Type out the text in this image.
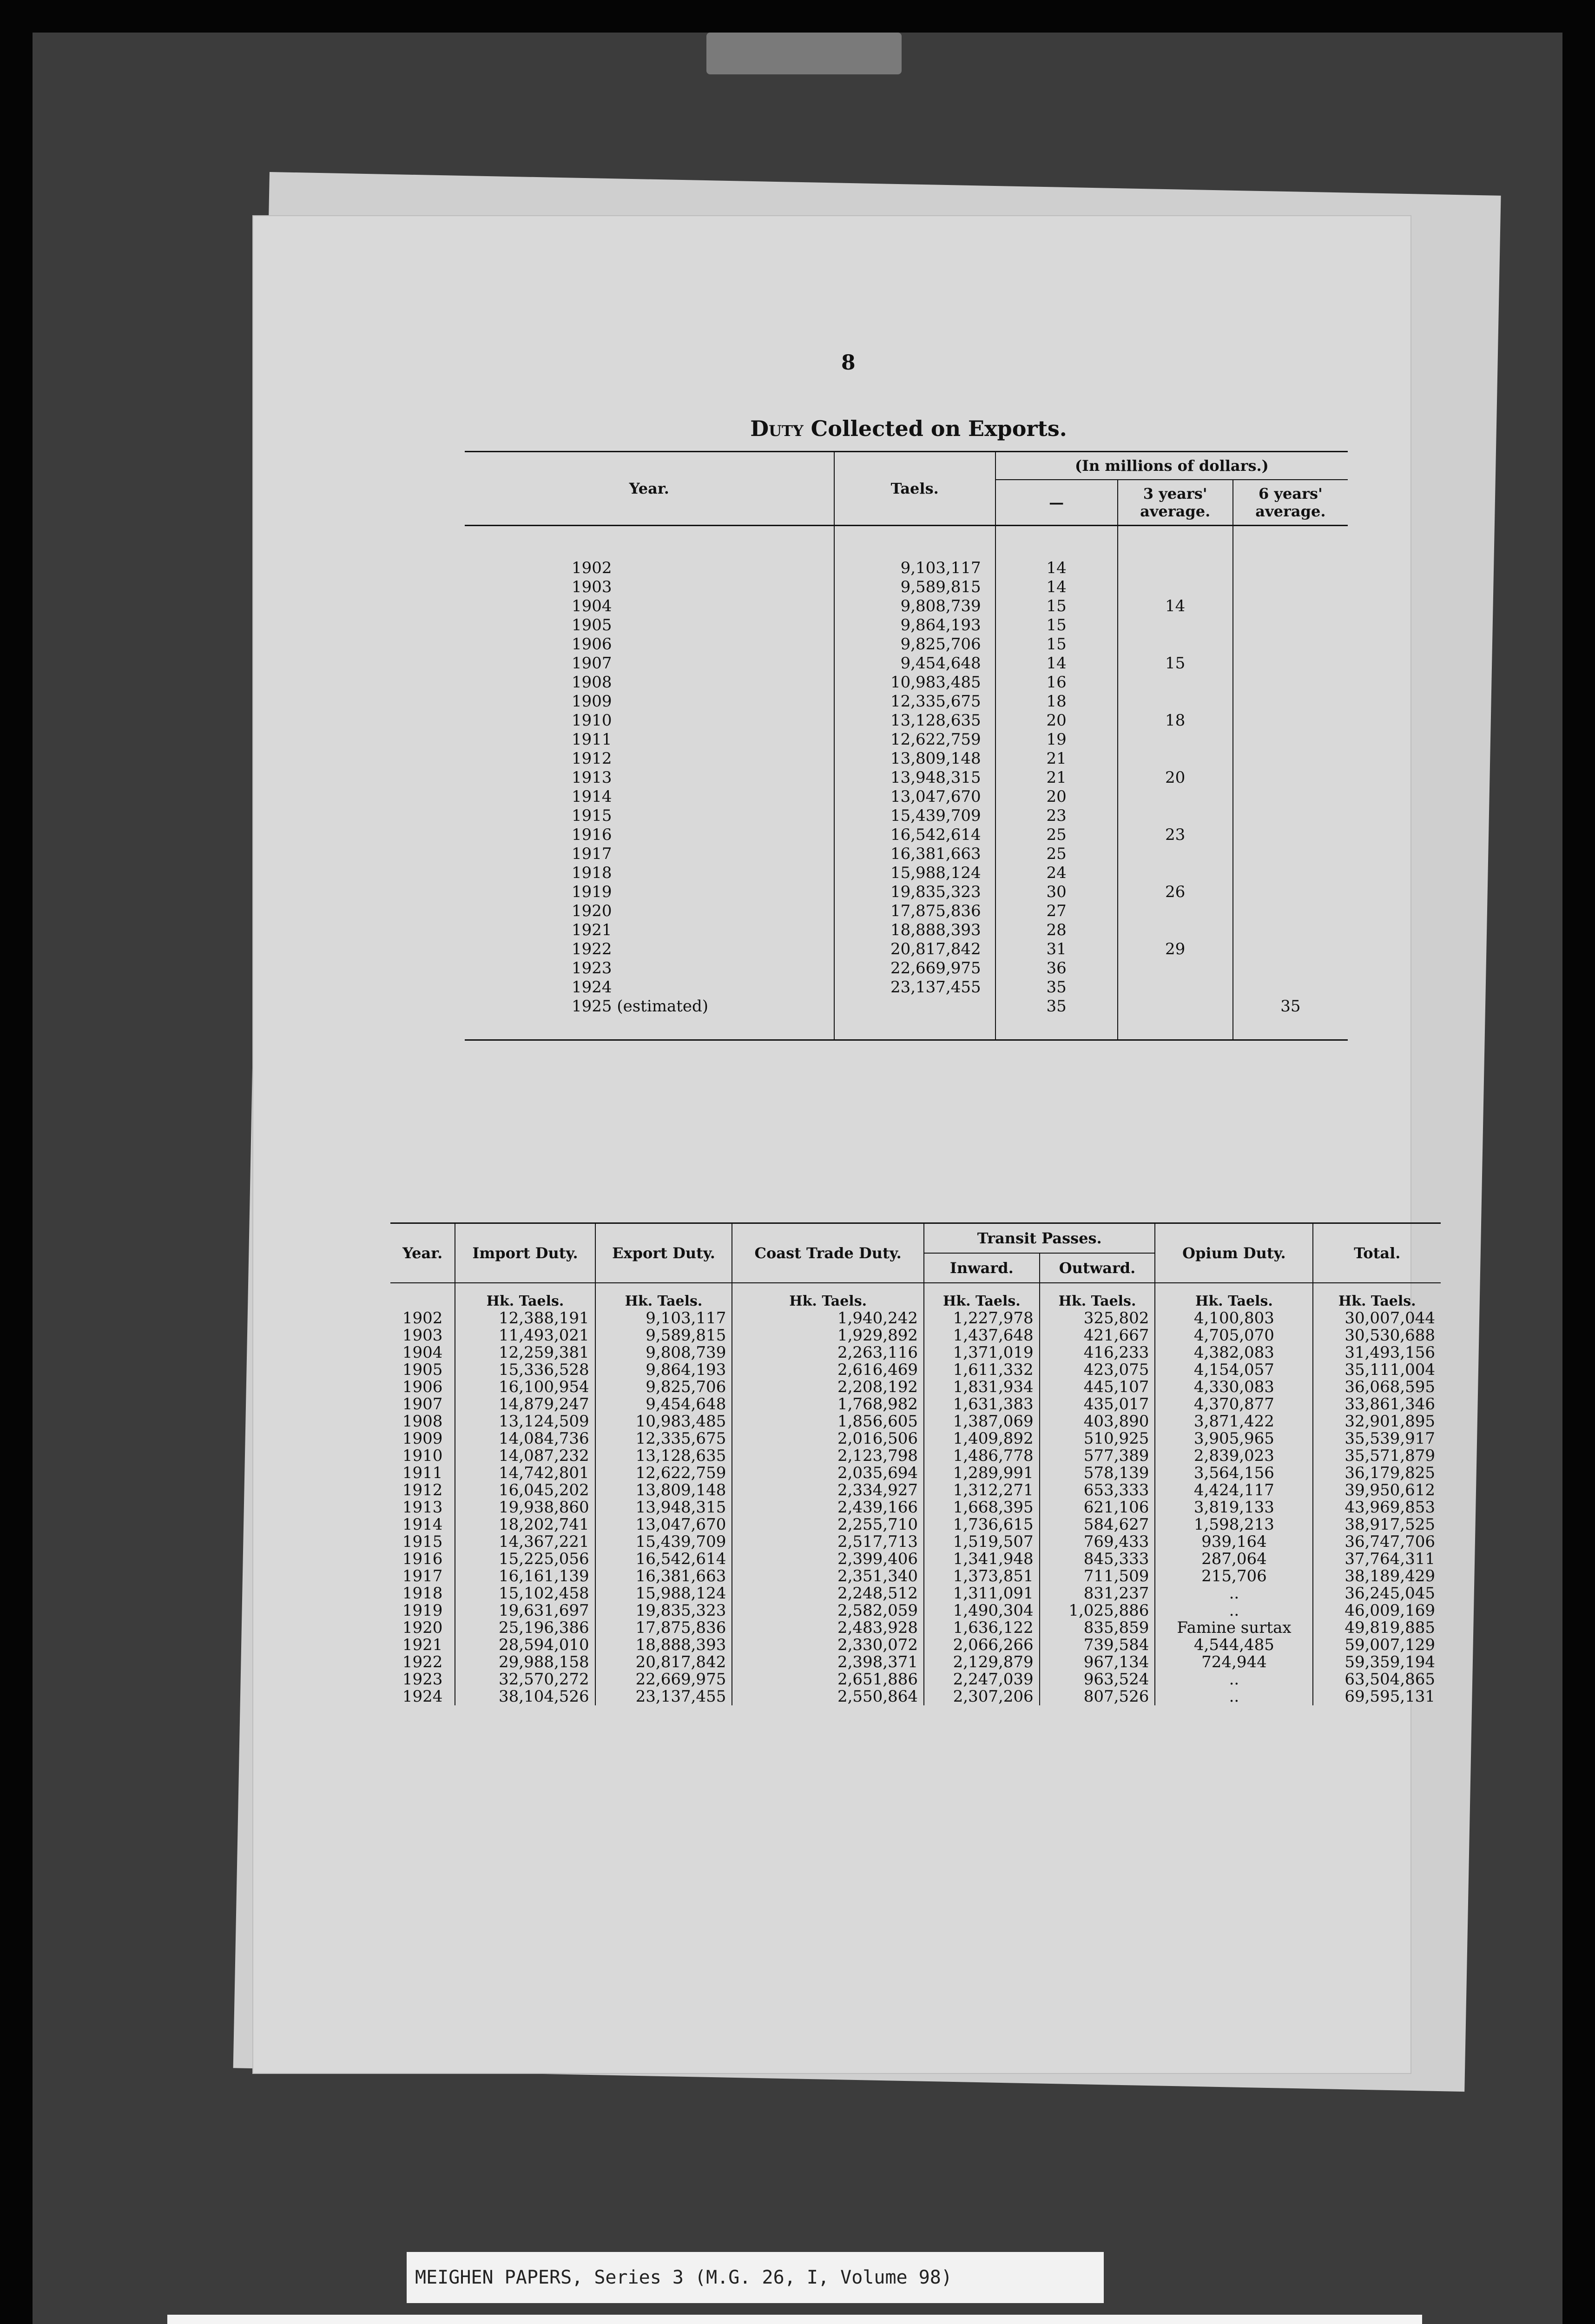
8
Duty Collected on Exports.
Year.	Taels.	(In millions of dollars.)		
		—	3 years' average.	6 years' average.
1902	9,103,117	14		
1903	9,589,815	14		
1904	9,808,739	15	14	
1905	9,864,193	15		
1906	9,825,706	15		
1907	9,454,648	14	15	
1908	10,983,485	16		
1909	12,335,675	18		
1910	13,128,635	20	18	
1911	12,622,759	19		
1912	13,809,148	21		
1913	13,948,315	21	20	
1914	13,047,670	20		
1915	15,439,709	23		
1916	16,542,614	25	23	
1917	16,381,663	25		
1918	15,988,124	24		
1919	19,835,323	30	26	
1920	17,875,836	27		
1921	18,888,393	28		
1922	20,817,842	31	29	
1923	22,669,975	36		
1924	23,137,455	35		
1925 (estimated)		35		35
Year.	Import Duty.	Export Duty.	Coast Trade Duty.	Transit Passes.		Opium Duty.	Total.
				Inward.	Outward.		
	Hk. Taels.	Hk. Taels.	Hk. Taels.	Hk. Taels.	Hk. Taels.	Hk. Taels.	Hk. Taels.
1902	12,388,191	9,103,117	1,940,242	1,227,978	325,802	4,100,803	30,007,044
1903	11,493,021	9,589,815	1,929,892	1,437,648	421,667	4,705,070	30,530,688
1904	12,259,381	9,808,739	2,263,116	1,371,019	416,233	4,382,083	31,493,156
1905	15,336,528	9,864,193	2,616,469	1,611,332	423,075	4,154,057	35,111,004
1906	16,100,954	9,825,706	2,208,192	1,831,934	445,107	4,330,083	36,068,595
1907	14,879,247	9,454,648	1,768,982	1,631,383	435,017	4,370,877	33,861,346
1908	13,124,509	10,983,485	1,856,605	1,387,069	403,890	3,871,422	32,901,895
1909	14,084,736	12,335,675	2,016,506	1,409,892	510,925	3,905,965	35,539,917
1910	14,087,232	13,128,635	2,123,798	1,486,778	577,389	2,839,023	35,571,879
1911	14,742,801	12,622,759	2,035,694	1,289,991	578,139	3,564,156	36,179,825
1912	16,045,202	13,809,148	2,334,927	1,312,271	653,333	4,424,117	39,950,612
1913	19,938,860	13,948,315	2,439,166	1,668,395	621,106	3,819,133	43,969,853
1914	18,202,741	13,047,670	2,255,710	1,736,615	584,627	1,598,213	38,917,525
1915	14,367,221	15,439,709	2,517,713	1,519,507	769,433	939,164	36,747,706
1916	15,225,056	16,542,614	2,399,406	1,341,948	845,333	287,064	37,764,311
1917	16,161,139	16,381,663	2,351,340	1,373,851	711,509	215,706	38,189,429
1918	15,102,458	15,988,124	2,248,512	1,311,091	831,237	..	36,245,045
1919	19,631,697	19,835,323	2,582,059	1,490,304	1,025,886	..	46,009,169
1920	25,196,386	17,875,836	2,483,928	1,636,122	835,859	Famine surtax	49,819,885
1921	28,594,010	18,888,393	2,330,072	2,066,266	739,584	4,544,485	59,007,129
1922	29,988,158	20,817,842	2,398,371	2,129,879	967,134	724,944	59,359,194
1923	32,570,272	22,669,975	2,651,886	2,247,039	963,524	..	63,504,865
1924	38,104,526	23,137,455	2,550,864	2,307,206	807,526	..	69,595,131
MEIGHEN PAPERS, Series 3 (M.G. 26, I, Volume 98)
